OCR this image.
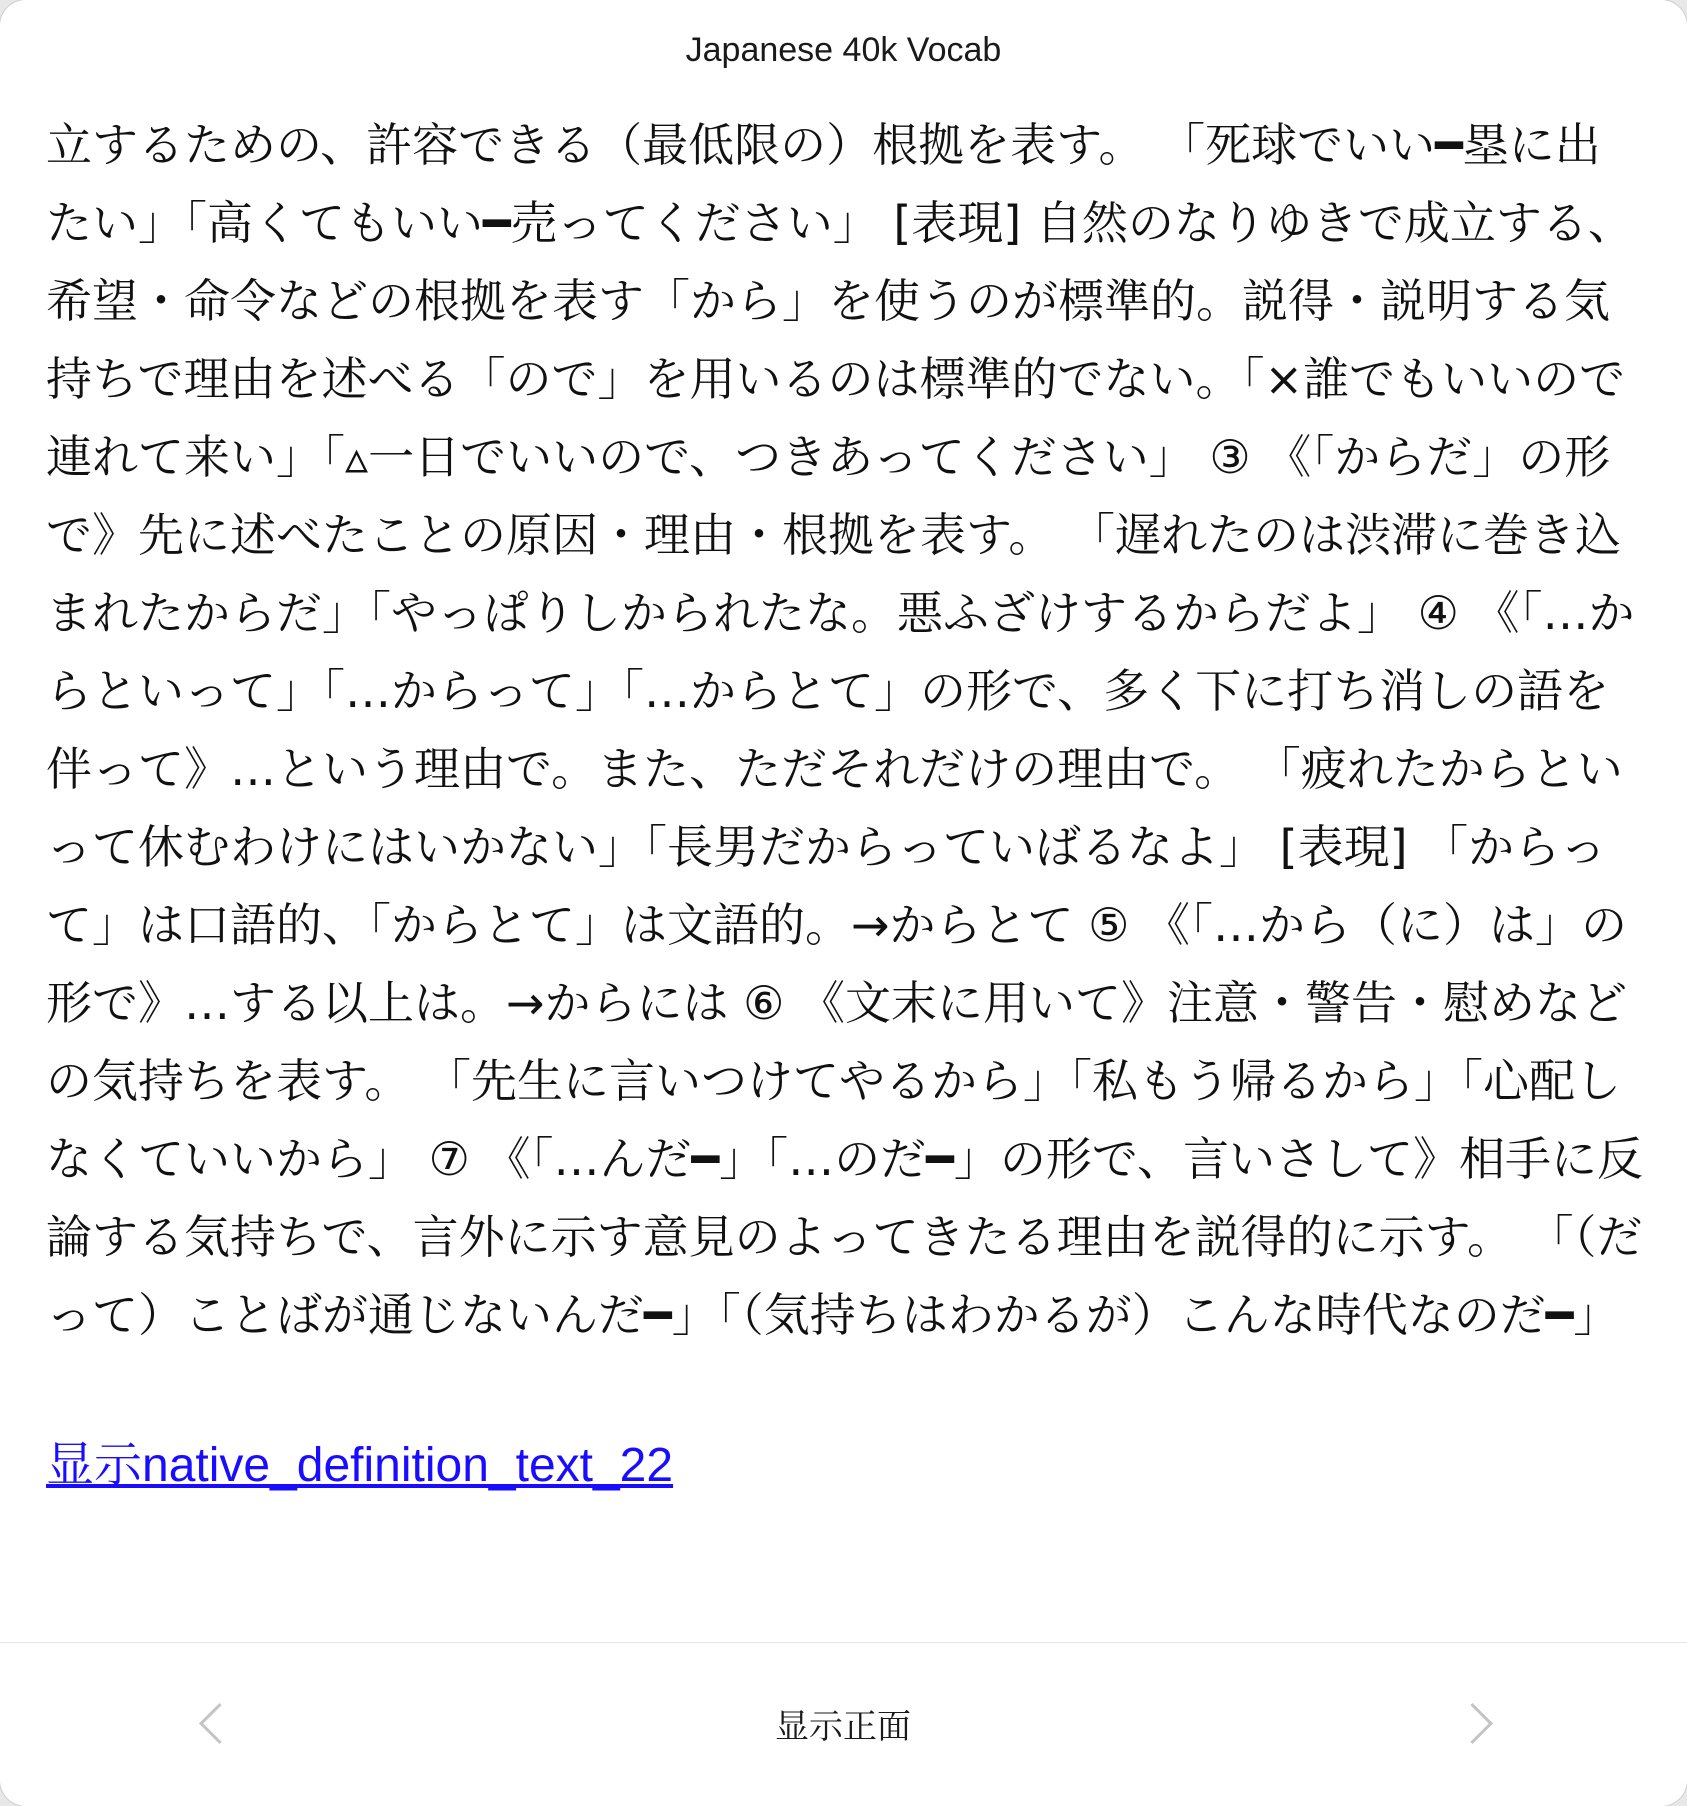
Japanese 40k Vocab

立するための、許容できる（最低限の）根拠を表す。 「死球でいい━塁に出たい」「高くてもいい━売ってください」 [表現] 自然のなりゆきで成立する、希望・命令などの根拠を表す「から」を使うのが標準的。説得・説明する気持ちで理由を述べる「ので」を用いるのは標準的でない。「×誰でもいいので連れて来い」「▵一日でいいので、つきあってください」 ③ 《「からだ」の形で》先に述べたことの原因・理由・根拠を表す。 「遅れたのは渋滞に巻き込まれたからだ」「やっぱりしかられたな。悪ふざけするからだよ」 ④ 《「…からといって」「…からって」「…からとて」の形で、多く下に打ち消しの語を伴って》…という理由で。また、ただそれだけの理由で。 「疲れたからといって休むわけにはいかない」「長男だからっていばるなよ」 [表現] 「からって」は口語的、「からとて」は文語的。→からとて ⑤ 《「…から（に）は」の形で》…する以上は。→からには ⑥ 《文末に用いて》注意・警告・慰めなどの気持ちを表す。 「先生に言いつけてやるから」「私もう帰るから」「心配しなくていいから」 ⑦ 《「…んだ━」「…のだ━」の形で、言いさして》相手に反論する気持ちで、言外に示す意見のよってきたる理由を説得的に示す。 「（だって）ことばが通じないんだ━」「（気持ちはわかるが）こんな時代なのだ━」

显示native_definition_text_22
显示正面
